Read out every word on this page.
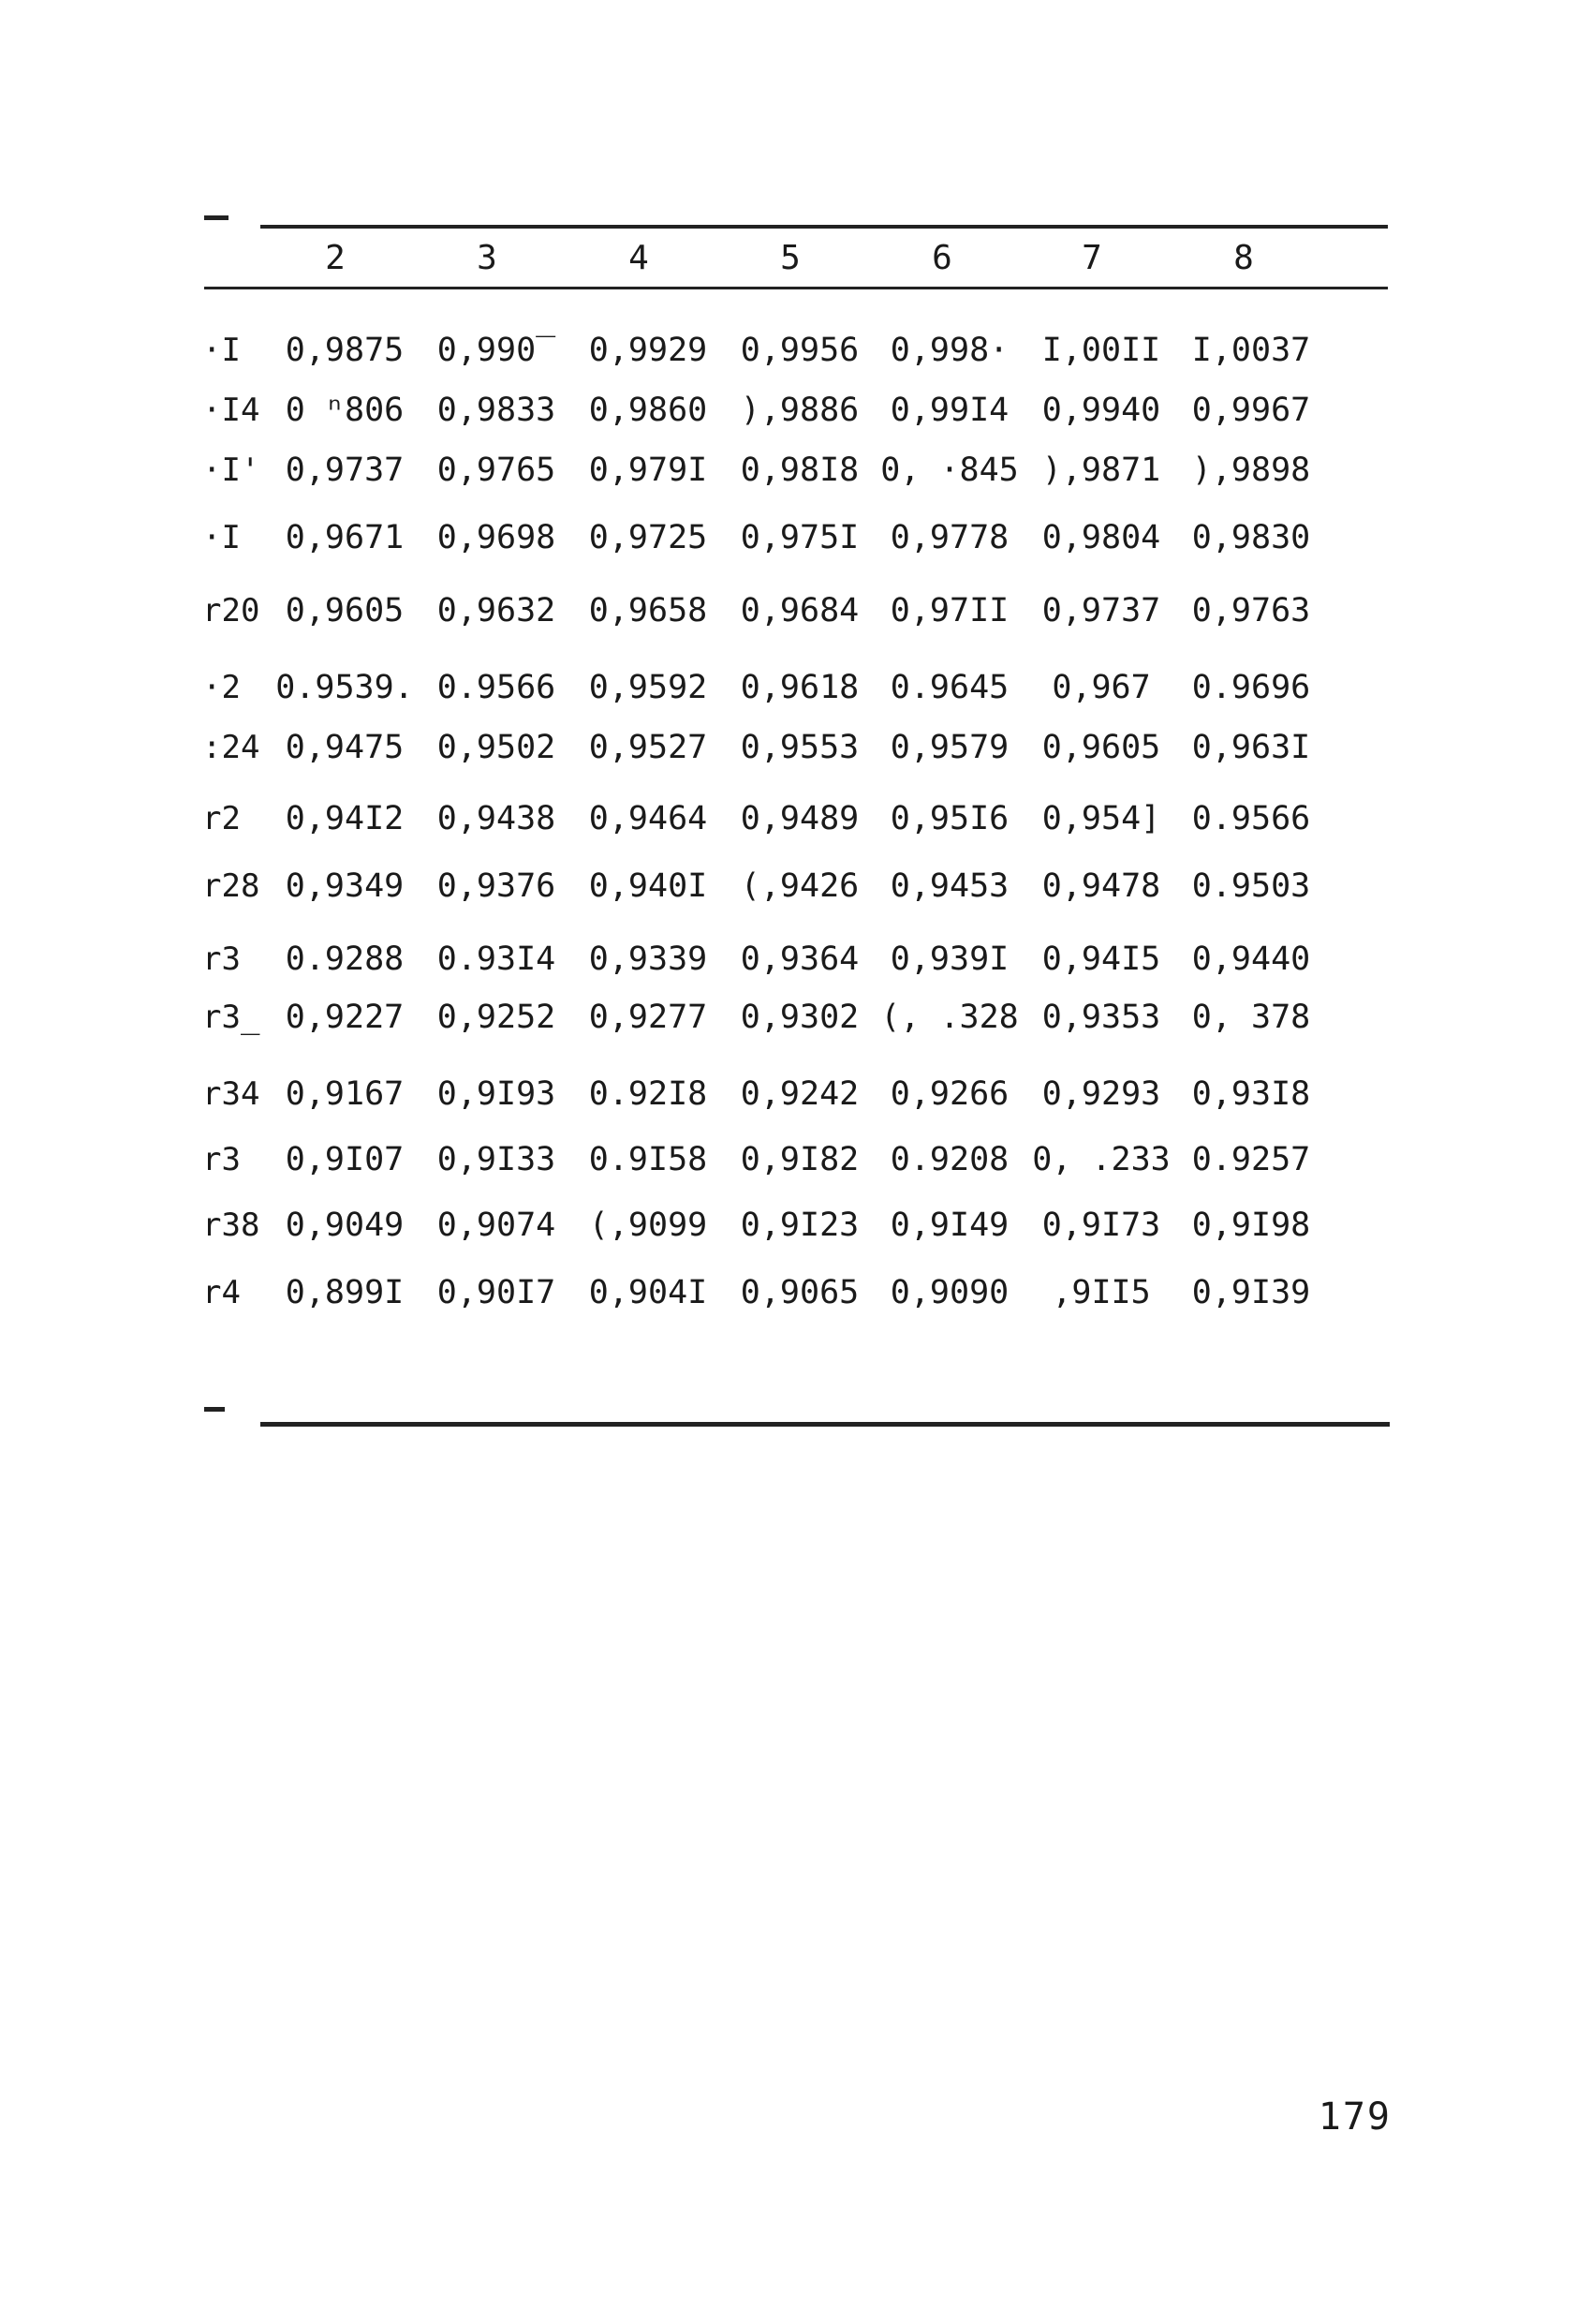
2	3	4	5	6	7	8
·I	0,9875	0,990‾	0,9929	0,9956 0,998·	I,00II I,0037
·I4 0 ⁿ806	0,9833	0,9860	),9886 0,99I4	0,9940 0,9967
·I' 0,9737	0,9765	0,979I	0,98I8 0, ·845 ),9871 ),9898
·I	0,9671	0,9698	0,9725	0,975I 0,9778	0,9804 0,9830
r20 0,9605	0,9632	0,9658	0,9684 0,97II	0,9737 0,9763
·2	0.9539. 0.9566	0,9592	0,9618 0.9645	0,967	0.9696
:24 0,9475	0,9502	0,9527	0,9553 0,9579	0,9605 0,963I
r2	0,94I2	0,9438	0,9464	0,9489 0,95I6	0,954] 0.9566
r28 0,9349	0,9376	0,940I	(,9426 0,9453	0,9478 0.9503
r3	0.9288	0.93I4	0,9339	0,9364 0,939I	0,94I5 0,9440
r3_ 0,9227	0,9252	0,9277	0,9302 (, .328 0,9353 0, 378
r34 0,9167	0,9I93	0.92I8	0,9242 0,9266	0,9293 0,93I8
r3	0,9I07	0,9I33	0.9I58	0,9I82 0.9208 0, .233 0.9257
r38 0,9049	0,9074	(,9099	0,9I23 0,9I49	0,9I73 0,9I98
r4	0,899I	0,90I7	0,904I	0,9065 0,9090	,9II5	0,9I39
179
